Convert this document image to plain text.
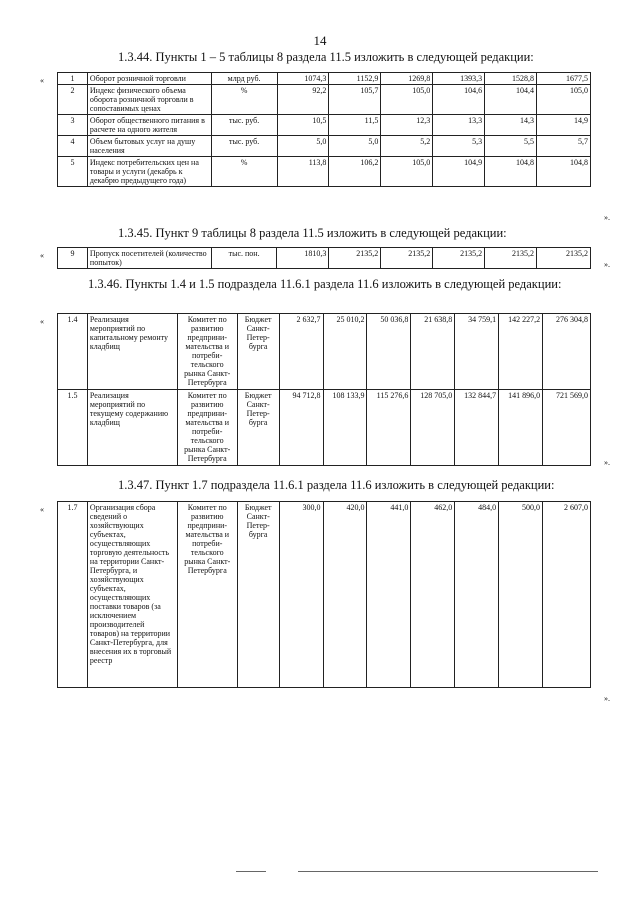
14
1.3.44. Пункты 1 – 5 таблицы 8 раздела 11.5 изложить в следующей редакции:
«	1	Оборот розничной торговли	млрд руб.	1074,3	1152,9	1269,8	1393,3	1528,8	1677,5
2	Индекс физического объема оборота розничной торговли в сопоставимых ценах	%	92,2	105,7	105,0	104,6	104,4	105,0
3	Оборот общественного питания в расчете на одного жителя	тыс. руб.	10,5	11,5	12,3	13,3	14,3	14,9
4	Объем бытовых услуг на душу населения	тыс. руб.	5,0	5,0	5,2	5,3	5,5	5,7
5	Индекс потребительских цен на товары и услуги (декабрь к декабрю предыдущего года)	%	113,8	106,2	105,0	104,9	104,8	104,8
».
1.3.45. Пункт 9 таблицы 8 раздела 11.5 изложить в следующей редакции:
«	9	Пропуск посетителей (количество попыток)	тыс. пон.	1810,3	2135,2	2135,2	2135,2	2135,2	2135,2
».
1.3.46. Пункты 1.4 и 1.5 подраздела 11.6.1 раздела 11.6 изложить в следующей редакции:
«	1.4	Реализация мероприятий по капитальному ремонту кладбищ	Комитет по развитию предприни-мательства и потреби-тельского рынка Санкт-Петербурга	Бюджет Санкт-Петер-бурга	2 632,7	25 010,2	50 036,8	21 638,8	34 759,1	142 227,2	276 304,8
1.5	Реализация мероприятий по текущему содержанию кладбищ	Комитет по развитию предприни-мательства и потреби-тельского рынка Санкт-Петербурга	Бюджет Санкт-Петер-бурга	94 712,8	108 133,9	115 276,6	128 705,0	132 844,7	141 896,0	721 569,0
».
1.3.47. Пункт 1.7 подраздела 11.6.1 раздела 11.6 изложить в следующей редакции:
«	1.7	Организация сбора сведений о хозяйствующих субъектах, осуществляющих торговую деятельность на территории Санкт-Петербурга, и хозяйствующих субъектах, осуществляющих поставки товаров (за исключением производителей товаров) на территории Санкт-Петербурга, для внесения их в торговый реестр	Комитет по развитию предприни-мательства и потреби-тельского рынка Санкт-Петербурга	Бюджет Санкт-Петер-бурга	300,0	420,0	441,0	462,0	484,0	500,0	2 607,0
».
